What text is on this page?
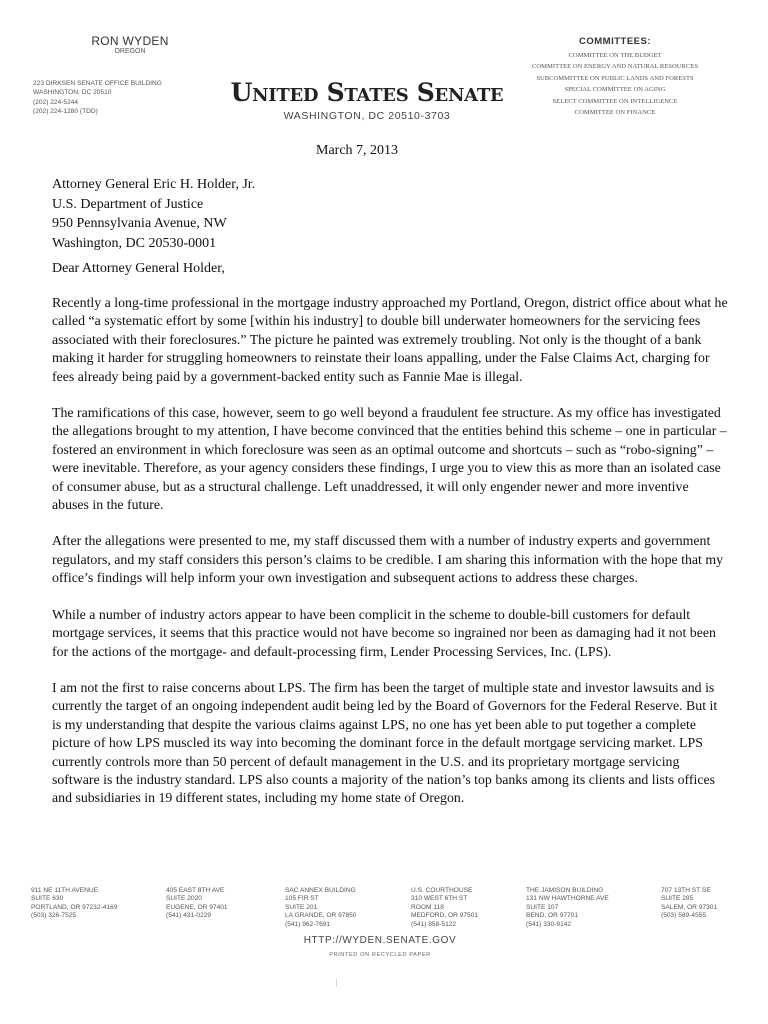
RON WYDEN
OREGON
223 DIRKSEN SENATE OFFICE BUILDING
WASHINGTON, DC 20510
(202) 224-5244
(202) 224-1280 (TDD)
United States Senate
WASHINGTON, DC 20510-3703
COMMITTEES:
COMMITTEE ON THE BUDGET
COMMITTEE ON ENERGY AND NATURAL RESOURCES
SUBCOMMITTEE ON PUBLIC LANDS AND FORESTS
SPECIAL COMMITTEE ON AGING
SELECT COMMITTEE ON INTELLIGENCE
COMMITTEE ON FINANCE
March 7, 2013
Attorney General Eric H. Holder, Jr.
U.S. Department of Justice
950 Pennsylvania Avenue, NW
Washington, DC 20530-0001
Dear Attorney General Holder,

Recently a long-time professional in the mortgage industry approached my Portland, Oregon, district office about what he called “a systematic effort by some [within his industry] to double bill underwater homeowners for the servicing fees associated with their foreclosures.” The picture he painted was extremely troubling. Not only is the thought of a bank making it harder for struggling homeowners to reinstate their loans appalling, under the False Claims Act, charging for fees already being paid by a government-backed entity such as Fannie Mae is illegal.

The ramifications of this case, however, seem to go well beyond a fraudulent fee structure. As my office has investigated the allegations brought to my attention, I have become convinced that the entities behind this scheme – one in particular – fostered an environment in which foreclosure was seen as an optimal outcome and shortcuts – such as “robo-signing” – were inevitable. Therefore, as your agency considers these findings, I urge you to view this as more than an isolated case of consumer abuse, but as a structural challenge. Left unaddressed, it will only engender newer and more inventive abuses in the future.

After the allegations were presented to me, my staff discussed them with a number of industry experts and government regulators, and my staff considers this person’s claims to be credible. I am sharing this information with the hope that my office’s findings will help inform your own investigation and subsequent actions to address these charges.

While a number of industry actors appear to have been complicit in the scheme to double-bill customers for default mortgage services, it seems that this practice would not have become so ingrained nor been as damaging had it not been for the actions of the mortgage- and default-processing firm, Lender Processing Services, Inc. (LPS).

I am not the first to raise concerns about LPS. The firm has been the target of multiple state and investor lawsuits and is currently the target of an ongoing independent audit being led by the Board of Governors for the Federal Reserve. But it is my understanding that despite the various claims against LPS, no one has yet been able to put together a complete picture of how LPS muscled its way into becoming the dominant force in the default mortgage servicing market. LPS currently controls more than 50 percent of default management in the U.S. and its proprietary mortgage servicing software is the industry standard. LPS also counts a majority of the nation’s top banks among its clients and lists offices and subsidiaries in 19 different states, including my home state of Oregon.

911 NE 11TH AVENUE
SUITE 630
PORTLAND, OR 97232-4169
(503) 326-7525
405 EAST 8TH AVE
SUITE 2020
EUGENE, OR 97401
(541) 431-0229
SAC ANNEX BUILDING
105 FIR ST
SUITE 201
LA GRANDE, OR 97850
(541) 962-7691
U.S. COURTHOUSE
310 WEST 6TH ST
ROOM 118
MEDFORD, OR 97501
(541) 858-5122
THE JAMISON BUILDING
131 NW HAWTHORNE AVE
SUITE 107
BEND, OR 97701
(541) 330-9142
707 13TH ST SE
SUITE 285
SALEM, OR 97301
(503) 589-4555
HTTP://WYDEN.SENATE.GOV
PRINTED ON RECYCLED PAPER
|
